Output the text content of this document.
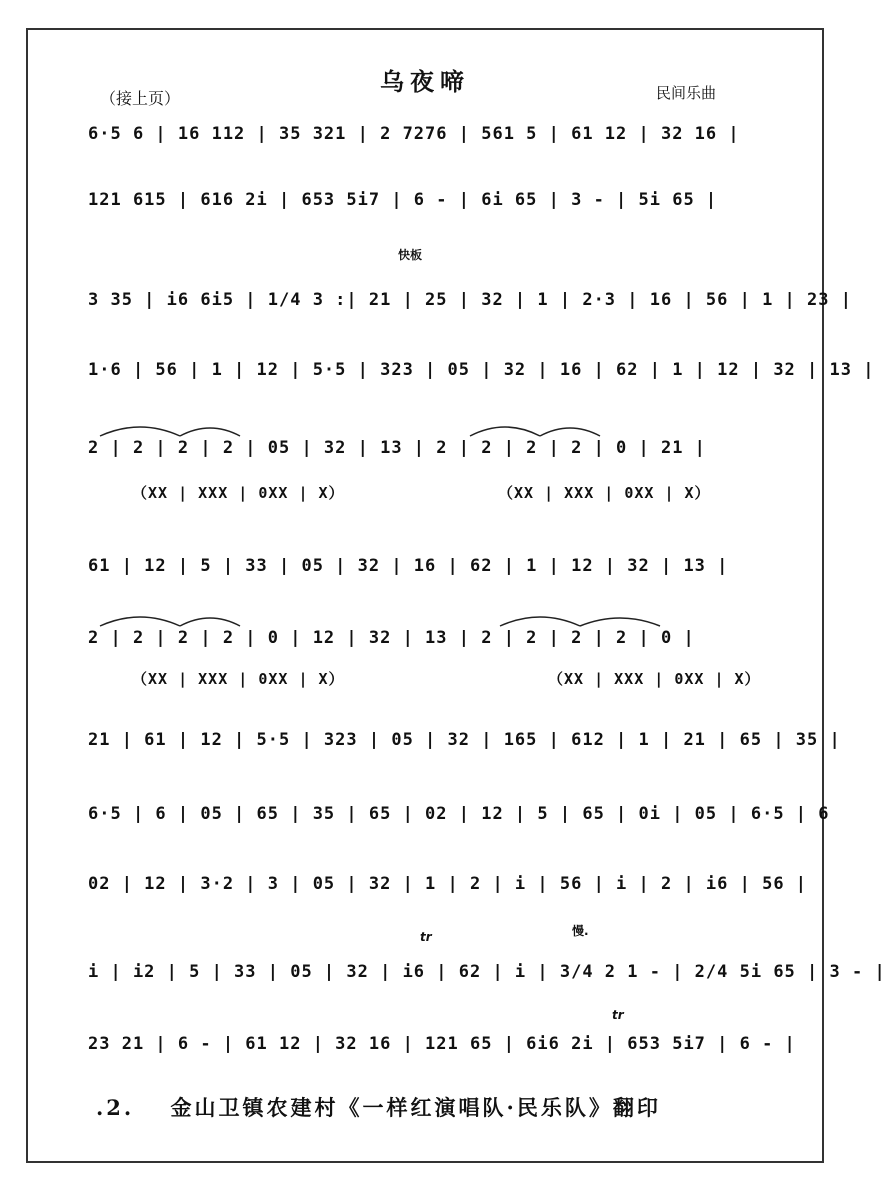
乌夜啼
（接上页）	民间乐曲
6·5 6 | 16 112 | 35 321 | 2 7276 | 561 5 | 61 12 | 32 16 |
121 615 | 616 2i | 653 5i7 | 6 - | 6i 65 | 3 - | 5i 65 |
快板
3 35 | i6 6i5 | 1/4 3 :| 21 | 25 | 32 | 1 | 2·3 | 16 | 56 | 1 | 23 |
1·6 | 56 | 1 | 12 | 5·5 | 323 | 05 | 32 | 16 | 62 | 1 | 12 | 32 | 13 |
2 | 2 | 2 | 2 | 05 | 32 | 13 | 2 | 2 | 2 | 2 | 0 | 21 |
（XX | XXX | 0XX | X）	（XX | XXX | 0XX | X）
61 | 12 | 5 | 33 | 05 | 32 | 16 | 62 | 1 | 12 | 32 | 13 |
2 | 2 | 2 | 2 | 0 | 12 | 32 | 13 | 2 | 2 | 2 | 2 | 0 |
（XX | XXX | 0XX | X）	（XX | XXX | 0XX | X）
21 | 61 | 12 | 5·5 | 323 | 05 | 32 | 165 | 612 | 1 | 21 | 65 | 35 |
6·5 | 6 | 05 | 65 | 35 | 65 | 02 | 12 | 5 | 65 | 0i | 05 | 6·5 | 6
02 | 12 | 3·2 | 3 | 05 | 32 | 1 | 2 | i | 56 | i | 2 | i6 | 56 |
tr	慢.
i | i2 | 5 | 33 | 05 | 32 | i6 | 62 | i | 3/4 2 1 - | 2/4 5i 65 | 3 - |
tr
23 21 | 6 - | 61 12 | 32 16 | 121 65 | 6i6 2i | 653 5i7 | 6 - |
.2. 金山卫镇农建村《一样红演唱队·民乐队》翻印
